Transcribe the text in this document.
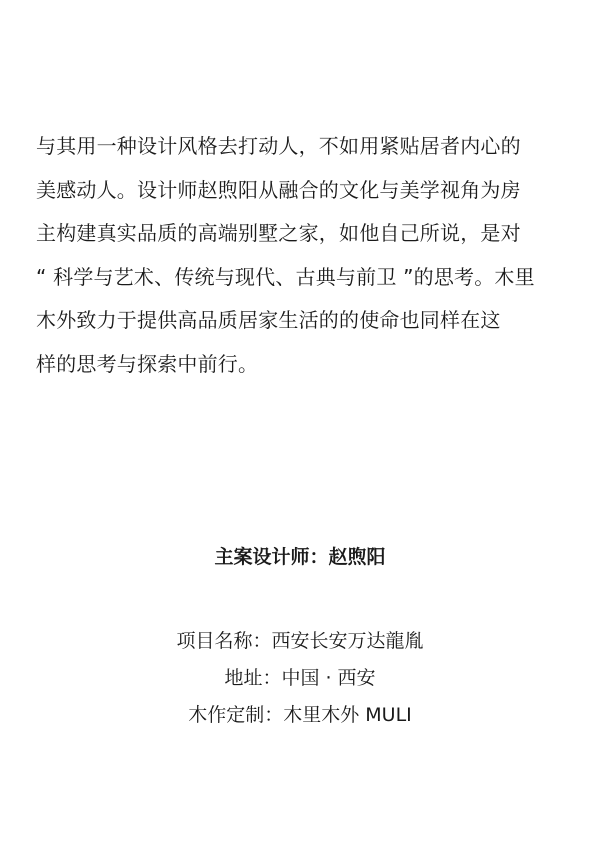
与其用一种设计风格去打动人，不如用紧贴居者内心的
美感动人。设计师赵煦阳从融合的文化与美学视角为房
主构建真实品质的高端别墅之家，如他自己所说，是对
“ 科学与艺术、传统与现代、古典与前卫 ”的思考。木里
木外致力于提供高品质居家生活的的使命也同样在这
样的思考与探索中前行。
主案设计师：赵煦阳
项目名称：西安长安万达龍胤
地址：中国 · 西安
木作定制：木里木外 MULI
